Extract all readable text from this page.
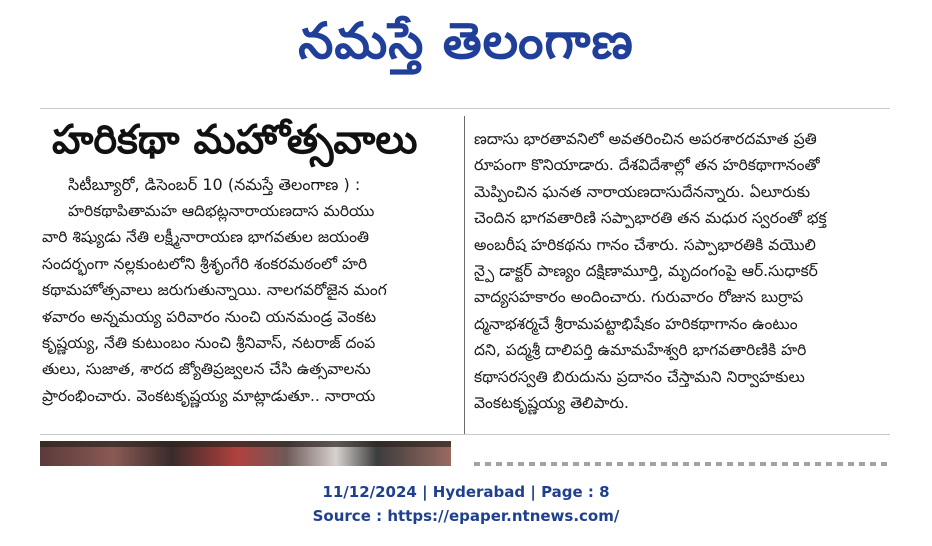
నమస్తే తెలంగాణ
హరికథా మహోత్సవాలు
సిటీబ్యూరో, డిసెంబర్ 10 (నమస్తే తెలంగాణ ) :
హరికథాపితామహ ఆదిభట్లనారాయణదాస మరియు
వారి శిష్యుడు నేతి లక్ష్మీనారాయణ భాగవతుల జయంతి
సందర్భంగా నల్లకుంటలోని శ్రీశృంగేరి శంకరమఠంలో హరి
కథామహోత్సవాలు జరుగుతున్నాయి. నాలగవరోజైన మంగ
ళవారం అన్నమయ్య పరివారం నుంచి యనమండ్ర వెంకట
కృష్ణయ్య, నేతి కుటుంబం నుంచి శ్రీనివాస్, నటరాజ్ దంప
తులు, సుజాత, శారద జ్యోతిప్రజ్వలన చేసి ఉత్సవాలను
ప్రారంభించారు. వెంకటకృష్ణయ్య మాట్లాడుతూ.. నారాయ
ణదాసు భారతావనిలో అవతరించిన అపరశారదమాత ప్రతి
రూపంగా కొనియాడారు. దేశవిదేశాల్లో తన హరికథాగానంతో
మెప్పించిన ఘనత నారాయణదాసుదేనన్నారు. ఏలూరుకు
చెందిన భాగవతారిణి సప్పాభారతి తన మధుర స్వరంతో భక్త
అంబరీష హరికథను గానం చేశారు. సప్పాభారతికి వయొలి
న్పై డాక్టర్ పాణ్యం దక్షిణామూర్తి, మృదంగంపై ఆర్.సుధాకర్
వాద్యసహకారం అందించారు. గురువారం రోజున బుర్రాప
ద్మనాభశర్మచే శ్రీరామపట్టాభిషేకం హరికథాగానం ఉంటుం
దని, పద్మశ్రీ దాలిపర్తి ఉమామహేశ్వరి భాగవతారిణికి హరి
కథాసరస్వతి బిరుదును ప్రదానం చేస్తామని నిర్వాహకులు
వెంకటకృష్ణయ్య తెలిపారు.
11/12/2024 | Hyderabad | Page : 8
Source : https://epaper.ntnews.com/
